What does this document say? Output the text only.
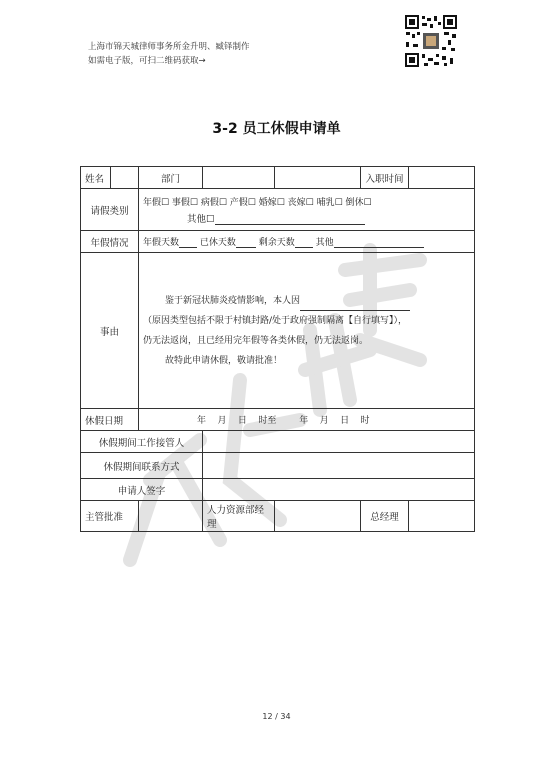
上海市锦天城律师事务所金升明、臧铎制作
如需电子版，可扫二维码获取→
3-2 员工休假申请单
姓名		部门			入职时间	
请假类别		年假☐ 事假☐ 病假☐ 产假☐ 婚嫁☐ 丧嫁☐ 哺乳☐ 倒休☐
其他☐				

年假情况		年假天数 已休天数 剩余天数 其他				
事由		鉴于新冠状肺炎疫情影响，本人因

（原因类型包括不限于村镇封路/处于政府强制隔离【自行填写】），

仍无法返岗，且已经用完年假等各类休假，仍无法返岗。

故特此申请休假，敬请批准！				

休假日期		年    月    日    时至        年    月    日    时				
休假期间工作接管人						
休假期间联系方式						
申请人签字						
主管批准			人力资源部经理		总经理	
12 / 34
